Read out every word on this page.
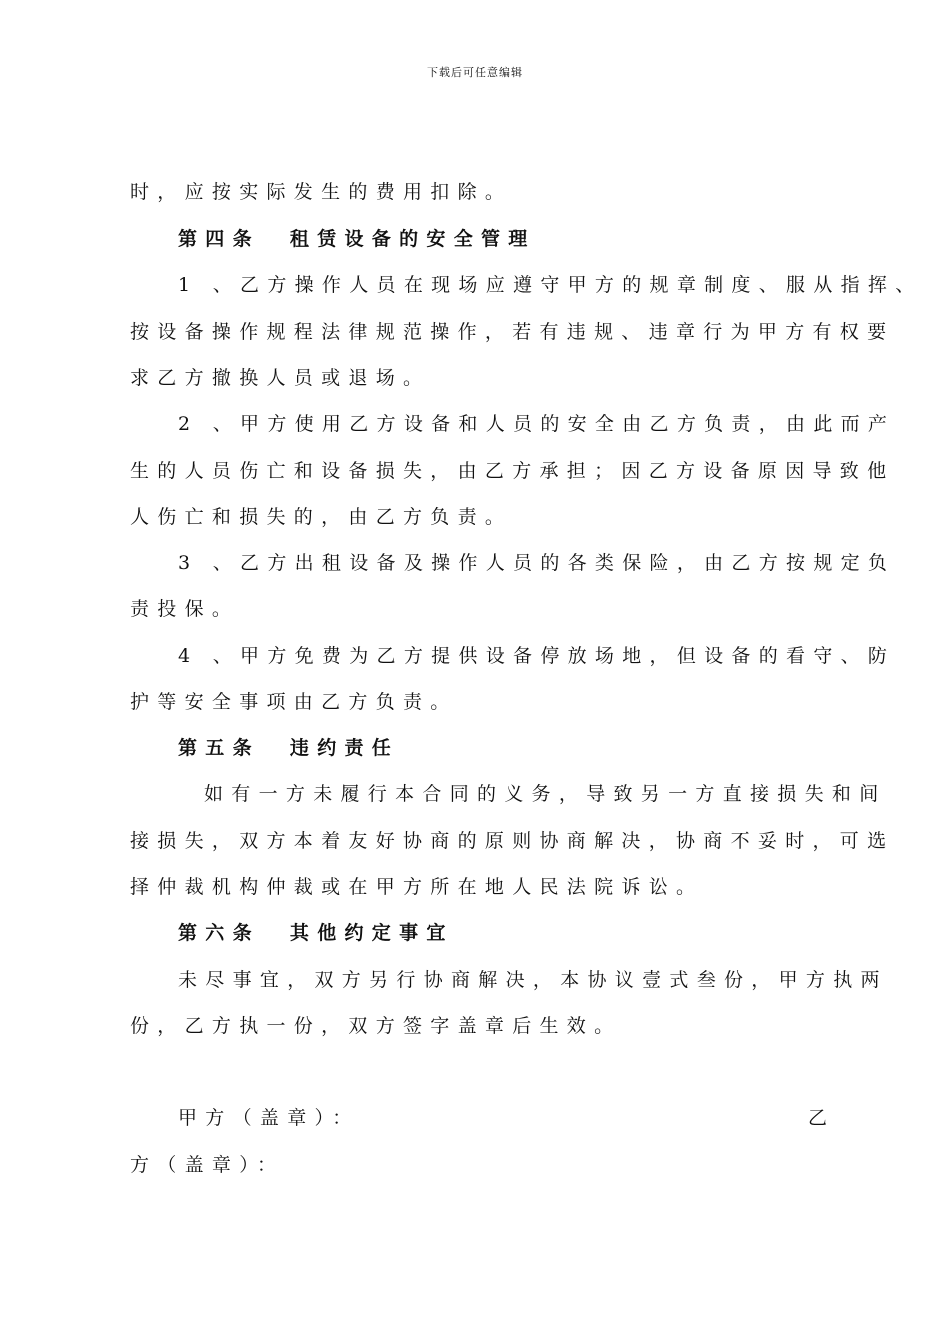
下载后可任意编辑
时，应按实际发生的费用扣除。
第四条 租赁设备的安全管理
1 、乙方操作人员在现场应遵守甲方的规章制度、服从指挥、
按设备操作规程法律规范操作，若有违规、违章行为甲方有权要
求乙方撤换人员或退场。
2 、甲方使用乙方设备和人员的安全由乙方负责，由此而产
生的人员伤亡和设备损失，由乙方承担；因乙方设备原因导致他
人伤亡和损失的，由乙方负责。
3 、乙方出租设备及操作人员的各类保险，由乙方按规定负
责投保。
4 、甲方免费为乙方提供设备停放场地，但设备的看守、防
护等安全事项由乙方负责。
第五条 违约责任
如有一方未履行本合同的义务，导致另一方直接损失和间
接损失，双方本着友好协商的原则协商解决，协商不妥时，可选
择仲裁机构仲裁或在甲方所在地人民法院诉讼。
第六条 其他约定事宜
未尽事宜，双方另行协商解决，本协议壹式叁份，甲方执两
份，乙方执一份，双方签字盖章后生效。
甲方（盖章）：	乙
方（盖章）：
